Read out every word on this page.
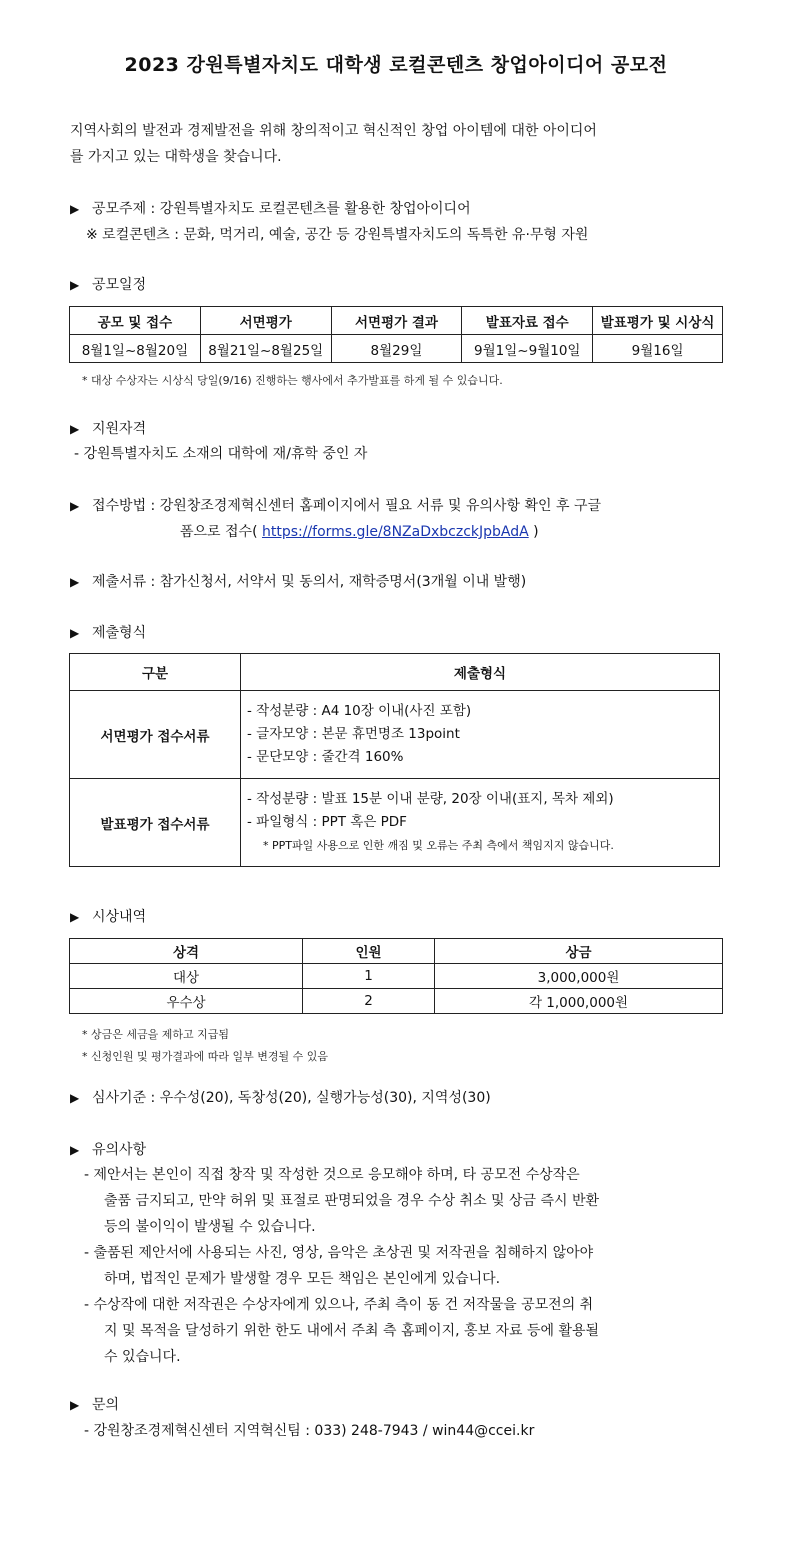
2023 강원특별자치도 대학생 로컬콘텐츠 창업아이디어 공모전
지역사회의 발전과 경제발전을 위해 창의적이고 혁신적인 창업 아이템에 대한 아이디어
를 가지고 있는 대학생을 찾습니다.
▶ 공모주제 : 강원특별자치도 로컬콘텐츠를 활용한 창업아이디어
※ 로컬콘텐츠 : 문화, 먹거리, 예술, 공간 등 강원특별자치도의 독특한 유·무형 자원
▶ 공모일정
공모 및 접수	서면평가	서면평가 결과	발표자료 접수	발표평가 및 시상식
8월1일~8월20일	8월21일~8월25일	8월29일	9월1일~9월10일	9월16일
* 대상 수상자는 시상식 당일(9/16) 진행하는 행사에서 추가발표를 하게 될 수 있습니다.
▶ 지원자격
- 강원특별자치도 소재의 대학에 재/휴학 중인 자
▶ 접수방법 : 강원창조경제혁신센터 홈페이지에서 필요 서류 및 유의사항 확인 후 구글
폼으로 접수( https://forms.gle/8NZaDxbczckJpbAdA )
▶ 제출서류 : 참가신청서, 서약서 및 동의서, 재학증명서(3개월 이내 발행)
▶ 제출형식
구분	제출형식
서면평가 접수서류	- 작성분량 : A4 10장 이내(사진 포함)
- 글자모양 : 본문 휴먼명조 13point
- 문단모양 : 줄간격 160%

발표평가 접수서류	- 작성분량 : 발표 15분 이내 분량, 20장 이내(표지, 목차 제외)
- 파일형식 : PPT 혹은 PDF
* PPT파일 사용으로 인한 깨짐 및 오류는 주최 측에서 책임지지 않습니다.
▶ 시상내역
상격	인원	상금
대상	1	3,000,000원
우수상	2	각 1,000,000원
* 상금은 세금을 제하고 지급됨
* 신청인원 및 평가결과에 따라 일부 변경될 수 있음
▶ 심사기준 : 우수성(20), 독창성(20), 실행가능성(30), 지역성(30)
▶ 유의사항
- 제안서는 본인이 직접 창작 및 작성한 것으로 응모해야 하며, 타 공모전 수상작은
출품 금지되고, 만약 허위 및 표절로 판명되었을 경우 수상 취소 및 상금 즉시 반환
등의 불이익이 발생될 수 있습니다.
- 출품된 제안서에 사용되는 사진, 영상, 음악은 초상권 및 저작권을 침해하지 않아야
하며, 법적인 문제가 발생할 경우 모든 책임은 본인에게 있습니다.
- 수상작에 대한 저작권은 수상자에게 있으나, 주최 측이 동 건 저작물을 공모전의 취
지 및 목적을 달성하기 위한 한도 내에서 주최 측 홈페이지, 홍보 자료 등에 활용될
수 있습니다.
▶ 문의
- 강원창조경제혁신센터 지역혁신팀 : 033) 248-7943 / win44@ccei.kr
